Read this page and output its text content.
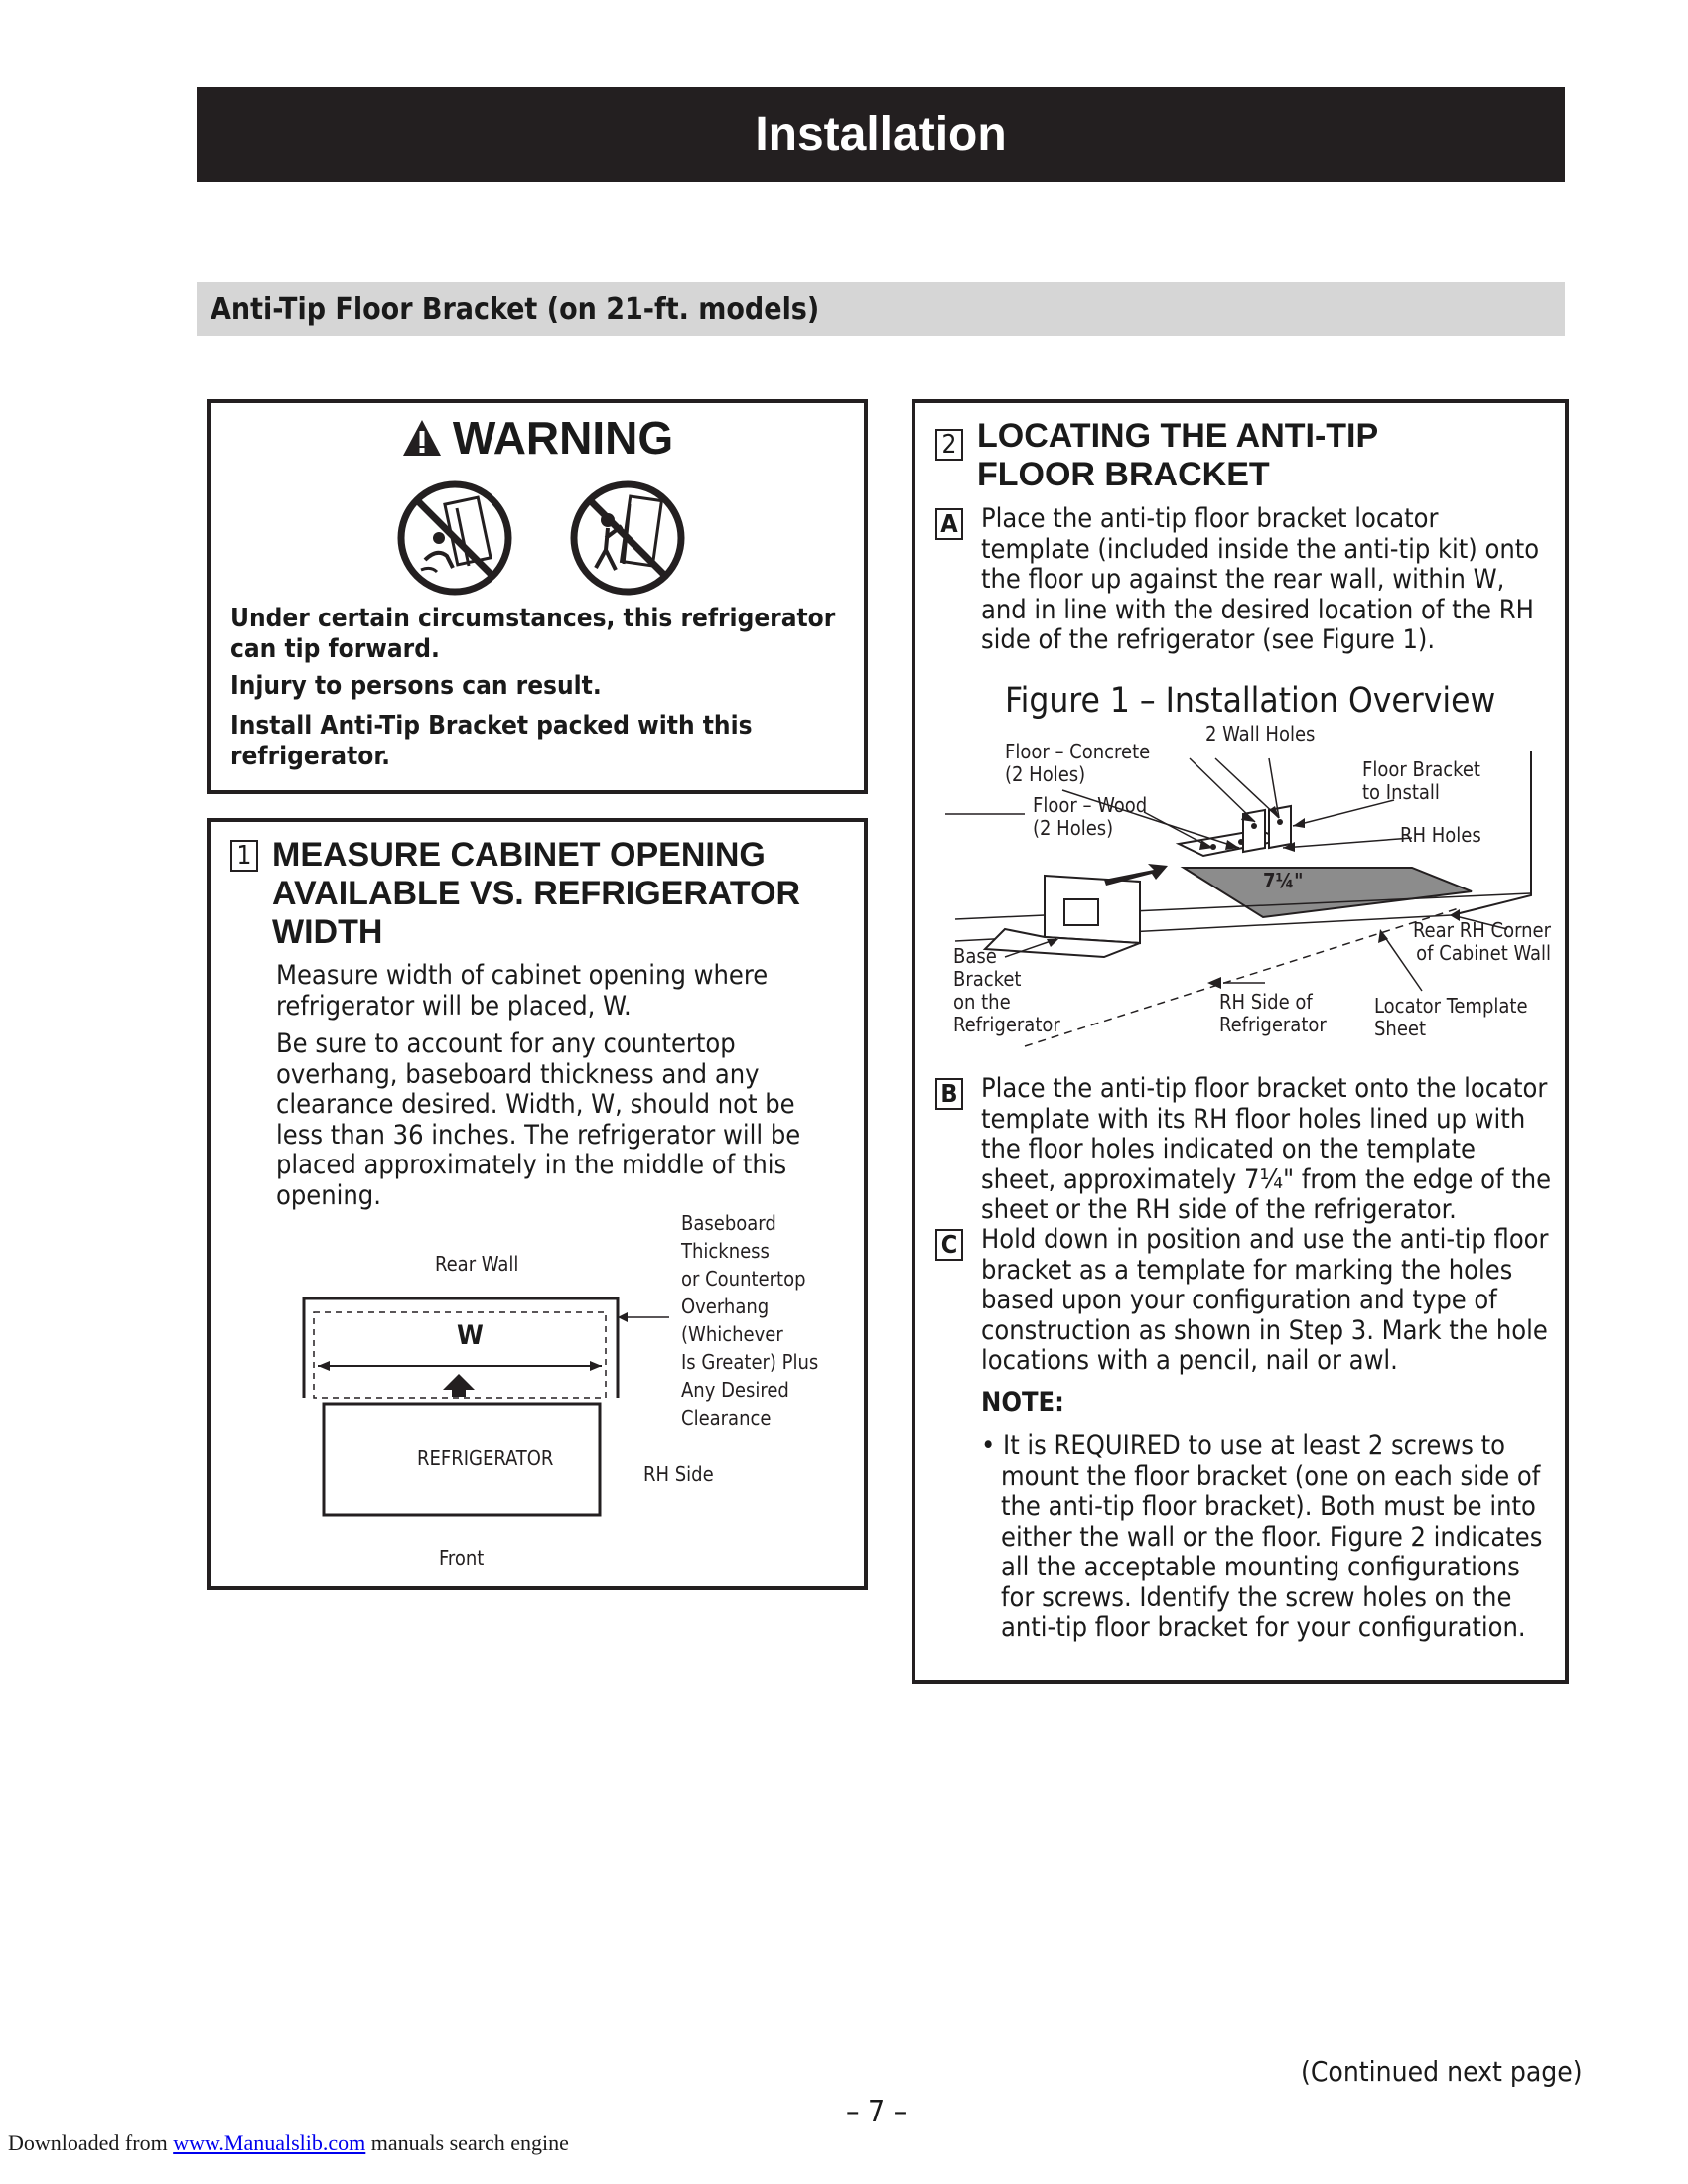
Installation
Anti-Tip Floor Bracket (on 21-ft. models)
WARNING
Under certain circumstances, this refrigerator can tip forward.
Injury to persons can result.
Install Anti-Tip Bracket packed with this refrigerator.
1 MEASURE CABINET OPENING
AVAILABLE VS. REFRIGERATOR
WIDTH

Measure width of cabinet opening where refrigerator will be placed, W.

Be sure to account for any countertop overhang, baseboard thickness and any clearance desired. Width, W, should not be less than 36 inches. The refrigerator will be placed approximately in the middle of this opening.

Rear Wall
W
REFRIGERATOR
Front
RH Side
Baseboard
Thickness
or Countertop
Overhang
(Whichever
Is Greater) Plus
Any Desired
Clearance
2 LOCATING THE ANTI-TIP
FLOOR BRACKET
A Place the anti-tip floor bracket locator template (included inside the anti-tip kit) onto the floor up against the rear wall, within W, and in line with the desired location of the RH side of the refrigerator (see Figure 1).
Figure 1 – Installation Overview
2 Wall Holes
Floor – Concrete
(2 Holes)
Floor – Wood
(2 Holes)
Floor Bracket
to Install
RH Holes
7¼"
Rear RH Corner
of Cabinet Wall
Base
Bracket
on the
Refrigerator
RH Side of
Refrigerator
Locator Template
Sheet
B Place the anti-tip floor bracket onto the locator template with its RH floor holes lined up with the floor holes indicated on the template sheet, approximately 7¼" from the edge of the sheet or the RH side of the refrigerator.
C Hold down in position and use the anti-tip floor bracket as a template for marking the holes based upon your configuration and type of construction as shown in Step 3. Mark the hole locations with a pencil, nail or awl.
NOTE:
• It is REQUIRED to use at least 2 screws to mount the floor bracket (one on each side of the anti-tip floor bracket). Both must be into either the wall or the floor. Figure 2 indicates all the acceptable mounting configurations for screws. Identify the screw holes on the anti-tip floor bracket for your configuration.
(Continued next page)
– 7 –
Downloaded from www.Manualslib.com manuals search engine
